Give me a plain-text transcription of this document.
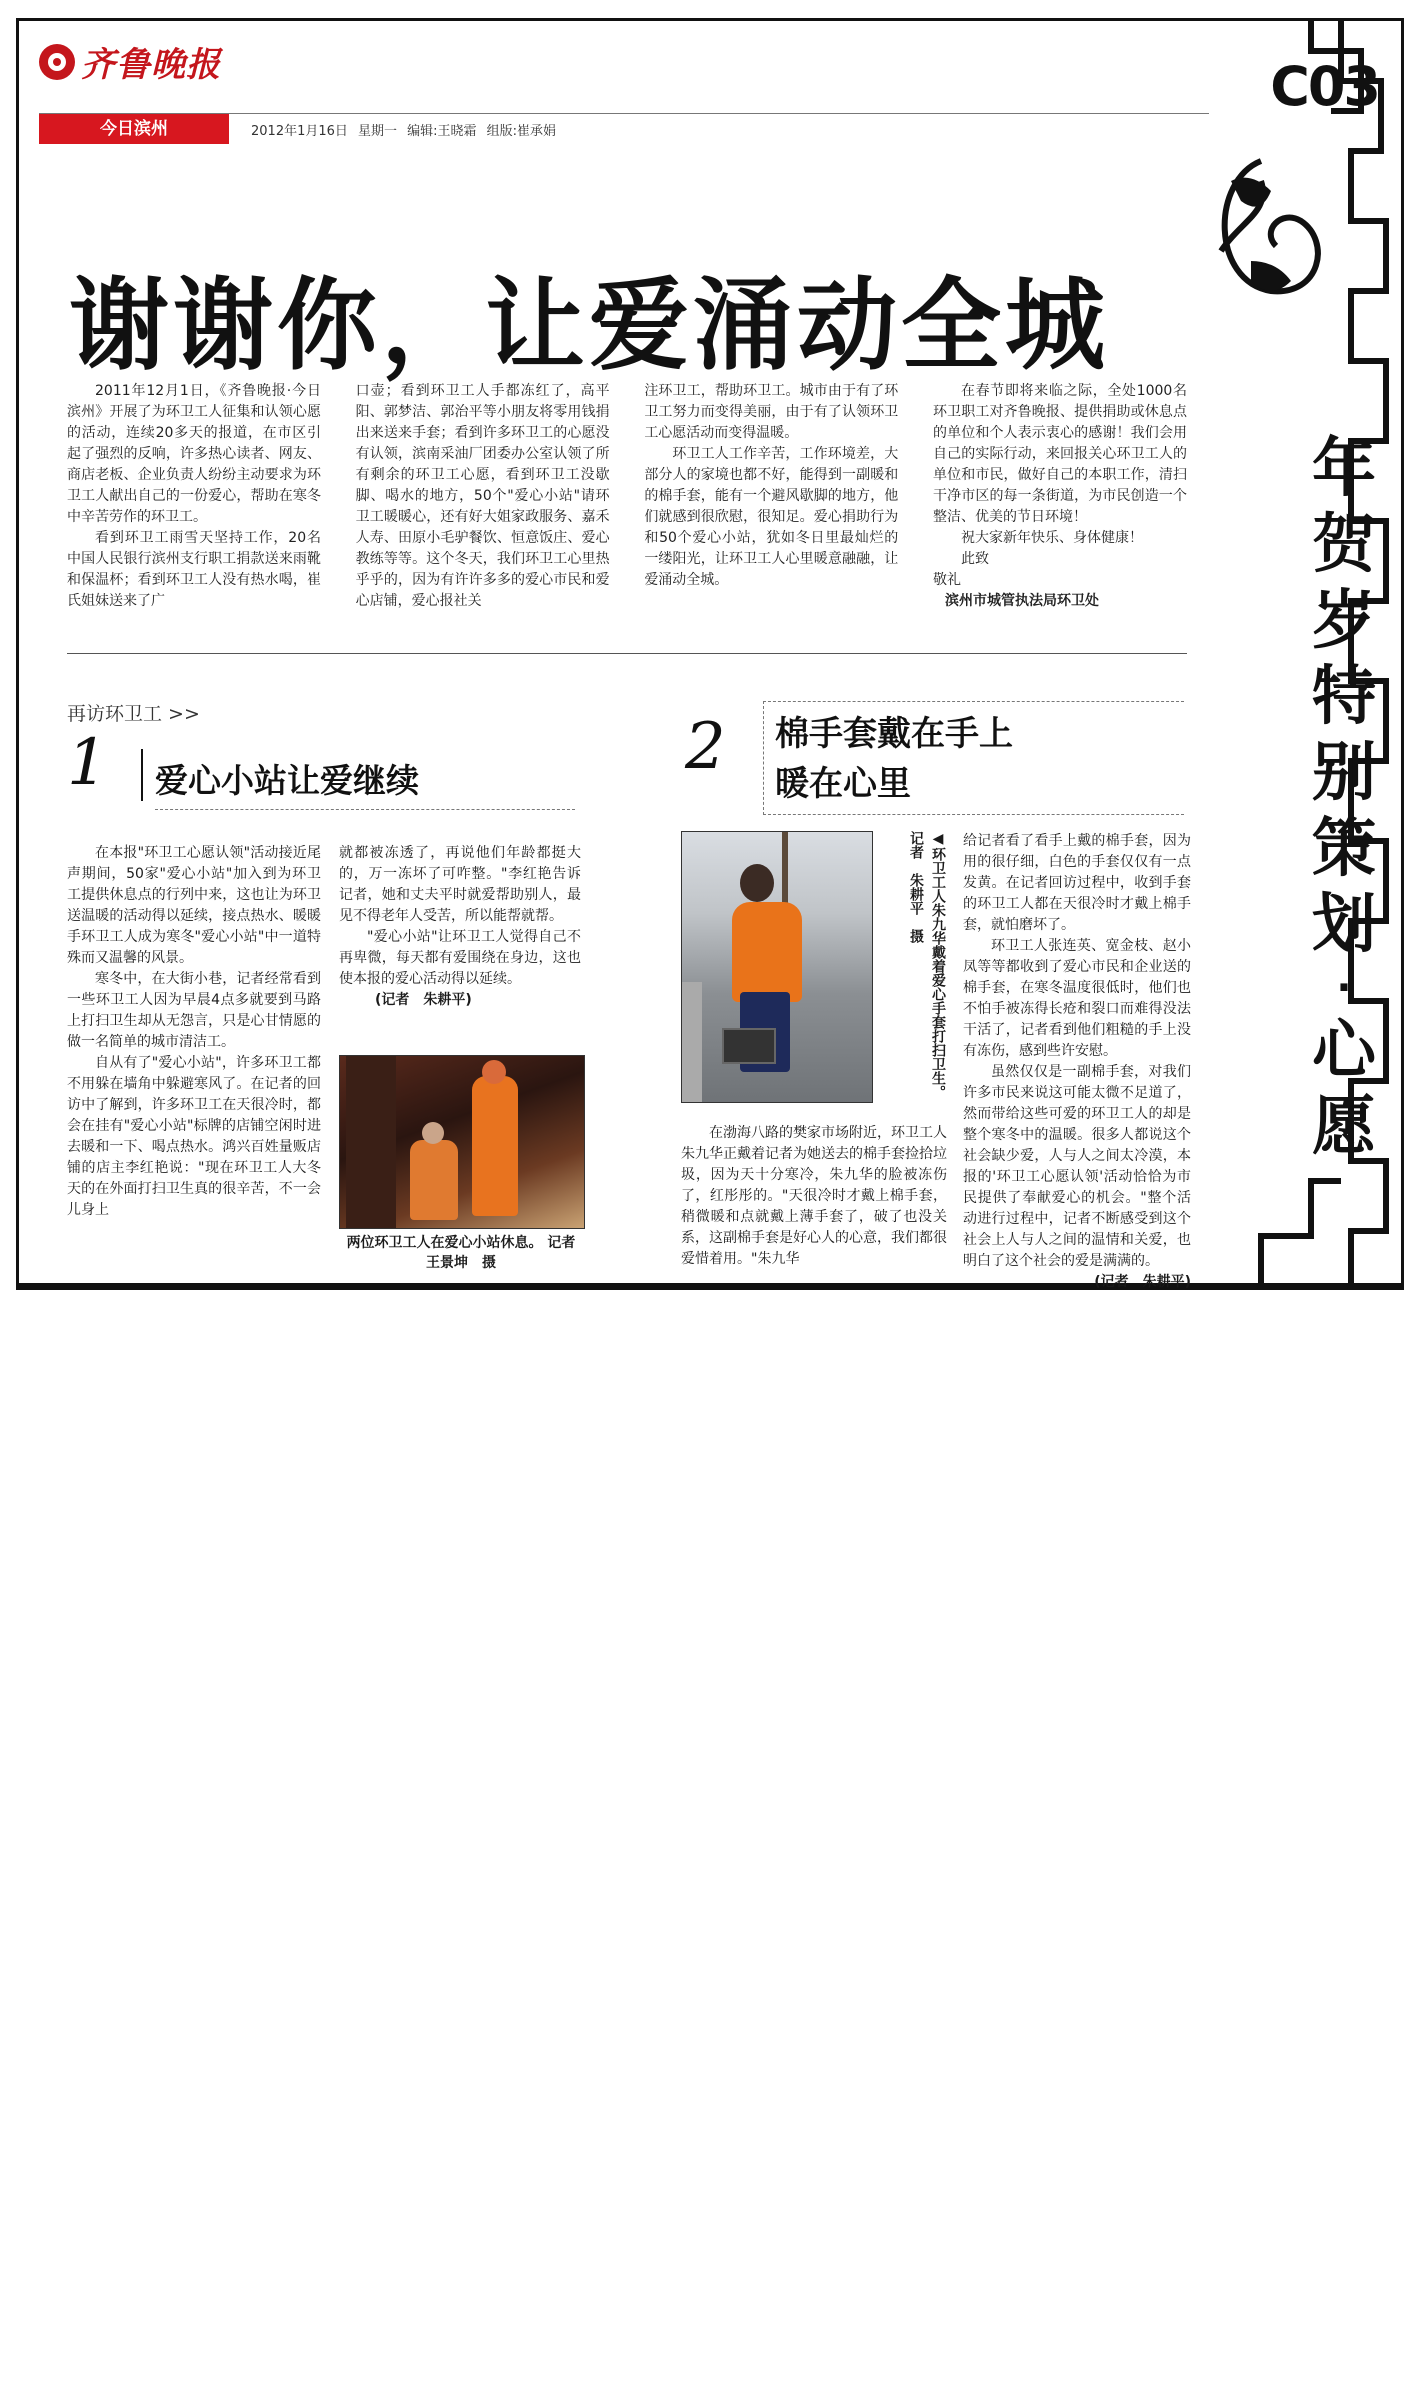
齐鲁晚报	C03
今日滨州	2012年1月16日 星期一 编辑:王晓霜 组版:崔承娟
年
贺
岁
特
别
策
划
·
心
愿
谢谢你，让爱涌动全城

2011年12月1日，《齐鲁晚报·今日滨州》开展了为环卫工人征集和认领心愿的活动，连续20多天的报道，在市区引起了强烈的反响，许多热心读者、网友、商店老板、企业负责人纷纷主动要求为环卫工人献出自己的一份爱心，帮助在寒冬中辛苦劳作的环卫工。

看到环卫工雨雪天坚持工作，20名中国人民银行滨州支行职工捐款送来雨靴和保温杯；看到环卫工人没有热水喝，崔氏姐妹送来了广

口壶；看到环卫工人手都冻红了，高平阳、郭梦洁、郭治平等小朋友将零用钱捐出来送来手套；看到许多环卫工的心愿没有认领，滨南采油厂团委办公室认领了所有剩余的环卫工心愿，看到环卫工没歇脚、喝水的地方，50个"爱心小站"请环卫工暖暖心，还有好大姐家政服务、嘉禾人寿、田原小毛驴餐饮、恒意饭庄、爱心教练等等。这个冬天，我们环卫工心里热乎乎的，因为有许许多多的爱心市民和爱心店铺，爱心报社关

注环卫工，帮助环卫工。城市由于有了环卫工努力而变得美丽，由于有了认领环卫工心愿活动而变得温暖。

环卫工人工作辛苦，工作环境差，大部分人的家境也都不好，能得到一副暖和的棉手套，能有一个避风歇脚的地方，他们就感到很欣慰，很知足。爱心捐助行为和50个爱心小站，犹如冬日里最灿烂的一缕阳光，让环卫工人心里暖意融融，让爱涌动全城。

在春节即将来临之际，全处1000名环卫职工对齐鲁晚报、提供捐助或休息点的单位和个人表示衷心的感谢！我们会用自己的实际行动，来回报关心环卫工人的单位和市民，做好自己的本职工作，清扫干净市区的每一条街道，为市民创造一个整洁、优美的节日环境！

祝大家新年快乐、身体健康！

此致

敬礼

滨州市城管执法局环卫处

再访环卫工 >>
1 爱心小站让爱继续

在本报"环卫工心愿认领"活动接近尾声期间，50家"爱心小站"加入到为环卫工提供休息点的行列中来，这也让为环卫送温暖的活动得以延续，接点热水、暖暖手环卫工人成为寒冬"爱心小站"中一道特殊而又温馨的风景。

寒冬中，在大街小巷，记者经常看到一些环卫工人因为早晨4点多就要到马路上打扫卫生却从无怨言，只是心甘情愿的做一名简单的城市清洁工。

自从有了"爱心小站"，许多环卫工都不用躲在墙角中躲避寒风了。在记者的回访中了解到，许多环卫工在天很冷时，都会在挂有"爱心小站"标牌的店铺空闲时进去暖和一下、喝点热水。鸿兴百姓量贩店铺的店主李红艳说："现在环卫工人大冬天的在外面打扫卫生真的很辛苦，不一会儿身上

就都被冻透了，再说他们年龄都挺大的，万一冻坏了可咋整。"李红艳告诉记者，她和丈夫平时就爱帮助别人，最见不得老年人受苦，所以能帮就帮。

"爱心小站"让环卫工人觉得自己不再卑微，每天都有爱围绕在身边，这也使本报的爱心活动得以延续。

(记者　朱耕平)

两位环卫工人在爱心小站休息。 记者　王景坤　摄
2 棉手套戴在手上
暖在心里
◀环卫工人朱九华戴着爱心手套打扫卫生。 记者　朱耕平　摄

在渤海八路的樊家市场附近，环卫工人朱九华正戴着记者为她送去的棉手套捡拾垃圾，因为天十分寒冷，朱九华的脸被冻伤了，红彤彤的。"天很冷时才戴上棉手套，稍微暖和点就戴上薄手套了，破了也没关系，这副棉手套是好心人的心意，我们都很爱惜着用。"朱九华

给记者看了看手上戴的棉手套，因为用的很仔细，白色的手套仅仅有一点发黄。在记者回访过程中，收到手套的环卫工人都在天很冷时才戴上棉手套，就怕磨坏了。

环卫工人张连英、宽金枝、赵小凤等等都收到了爱心市民和企业送的棉手套，在寒冬温度很低时，他们也不怕手被冻得长疮和裂口而难得没法干活了，记者看到他们粗糙的手上没有冻伤，感到些许安慰。

虽然仅仅是一副棉手套，对我们许多市民来说这可能太微不足道了，然而带给这些可爱的环卫工人的却是整个寒冬中的温暖。很多人都说这个社会缺少爱，人与人之间太冷漠，本报的'环卫工心愿认领'活动恰恰为市民提供了奉献爱心的机会。"整个活动进行过程中，记者不断感受到这个社会上人与人之间的温情和关爱，也明白了这个社会的爱是满满的。

(记者　朱耕平)
